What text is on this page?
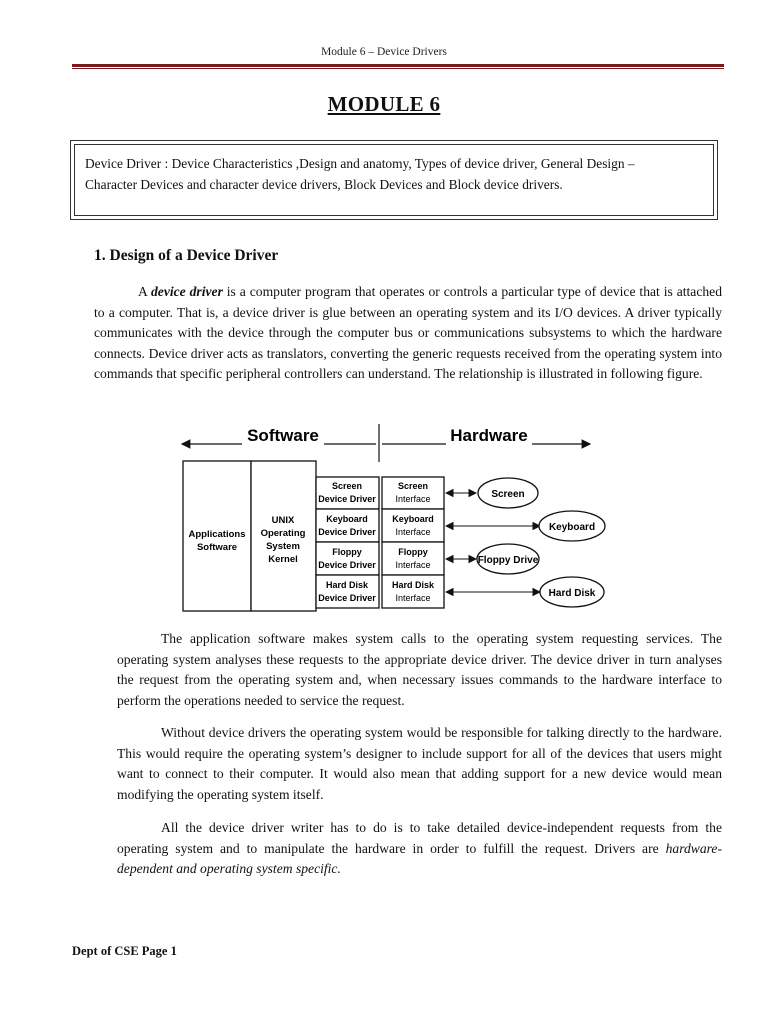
Module 6 – Device Drivers
MODULE 6
Device Driver : Device Characteristics ,Design and anatomy, Types of device driver, General Design –
Character Devices and character device drivers, Block Devices and Block device drivers.
1. Design of a Device Driver

A device driver is a computer program that operates or controls a particular type of device that is attached to a computer. That is, a device driver is glue between an operating system and its I/O devices. A driver typically communicates with the device through the computer bus or communications subsystems to which the hardware connects. Device driver acts as translators, converting the generic requests received from the operating system into commands that specific peripheral controllers can understand. The relationship is illustrated in following figure.

Software	Hardware
Applications
Software
UNIX
Operating
System
Kernel
Screen
Device Driver
Keyboard
Device Driver
Floppy
Device Driver
Hard Disk
Device Driver
Screen
Interface
Keyboard
Interface
Floppy
Interface
Hard Disk
Interface
Screen
Keyboard
Floppy Drive
Hard Disk

The application software makes system calls to the operating system requesting services. The operating system analyses these requests to the appropriate device driver. The device driver in turn analyses the request from the operating system and, when necessary issues commands to the hardware interface to perform the operations needed to service the request.

Without device drivers the operating system would be responsible for talking directly to the hardware. This would require the operating system’s designer to include support for all of the devices that users might want to connect to their computer. It would also mean that adding support for a new device would mean modifying the operating system itself.

All the device driver writer has to do is to take detailed device-independent requests from the operating system and to manipulate the hardware in order to fulfill the request. Drivers are hardware-dependent and operating system specific.

Dept of CSE Page 1
